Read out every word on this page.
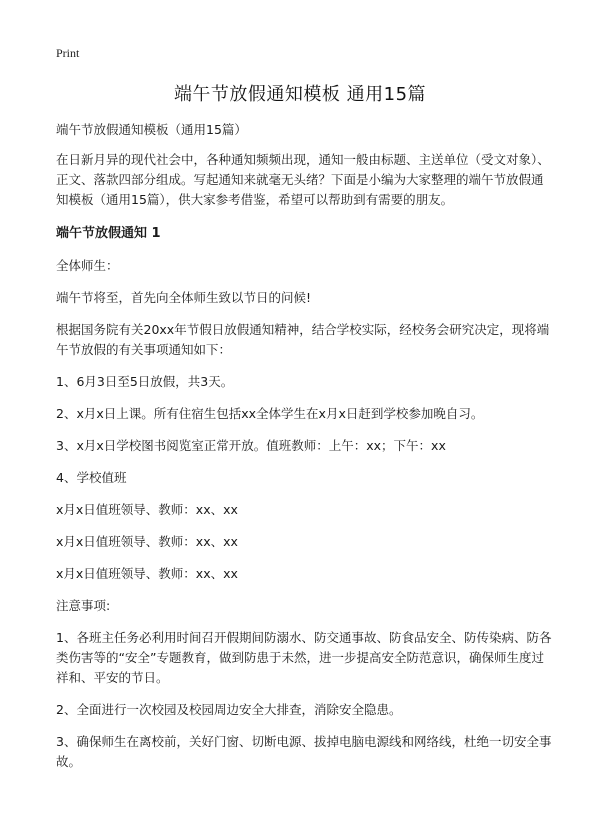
Print
端午节放假通知模板 通用15篇

端午节放假通知模板（通用15篇）

在日新月异的现代社会中，各种通知频频出现，通知一般由标题、主送单位（受文对象）、正文、落款四部分组成。写起通知来就毫无头绪？下面是小编为大家整理的端午节放假通知模板（通用15篇），供大家参考借鉴，希望可以帮助到有需要的朋友。

端午节放假通知 1

全体师生：

端午节将至，首先向全体师生致以节日的问候!

根据国务院有关20xx年节假日放假通知精神，结合学校实际，经校务会研究决定，现将端午节放假的有关事项通知如下：

1、6月3日至5日放假，共3天。

2、x月x日上课。所有住宿生包括xx全体学生在x月x日赶到学校参加晚自习。

3、x月x日学校图书阅览室正常开放。值班教师：上午：xx；下午：xx

4、学校值班

x月x日值班领导、教师：xx、xx

x月x日值班领导、教师：xx、xx

x月x日值班领导、教师：xx、xx

注意事项:

1、各班主任务必利用时间召开假期间防溺水、防交通事故、防食品安全、防传染病、防各类伤害等的“安全”专题教育，做到防患于未然，进一步提高安全防范意识，确保师生度过祥和、平安的节日。

2、全面进行一次校园及校园周边安全大排查，消除安全隐患。

3、确保师生在离校前，关好门窗、切断电源、拔掉电脑电源线和网络线，杜绝一切安全事故。
